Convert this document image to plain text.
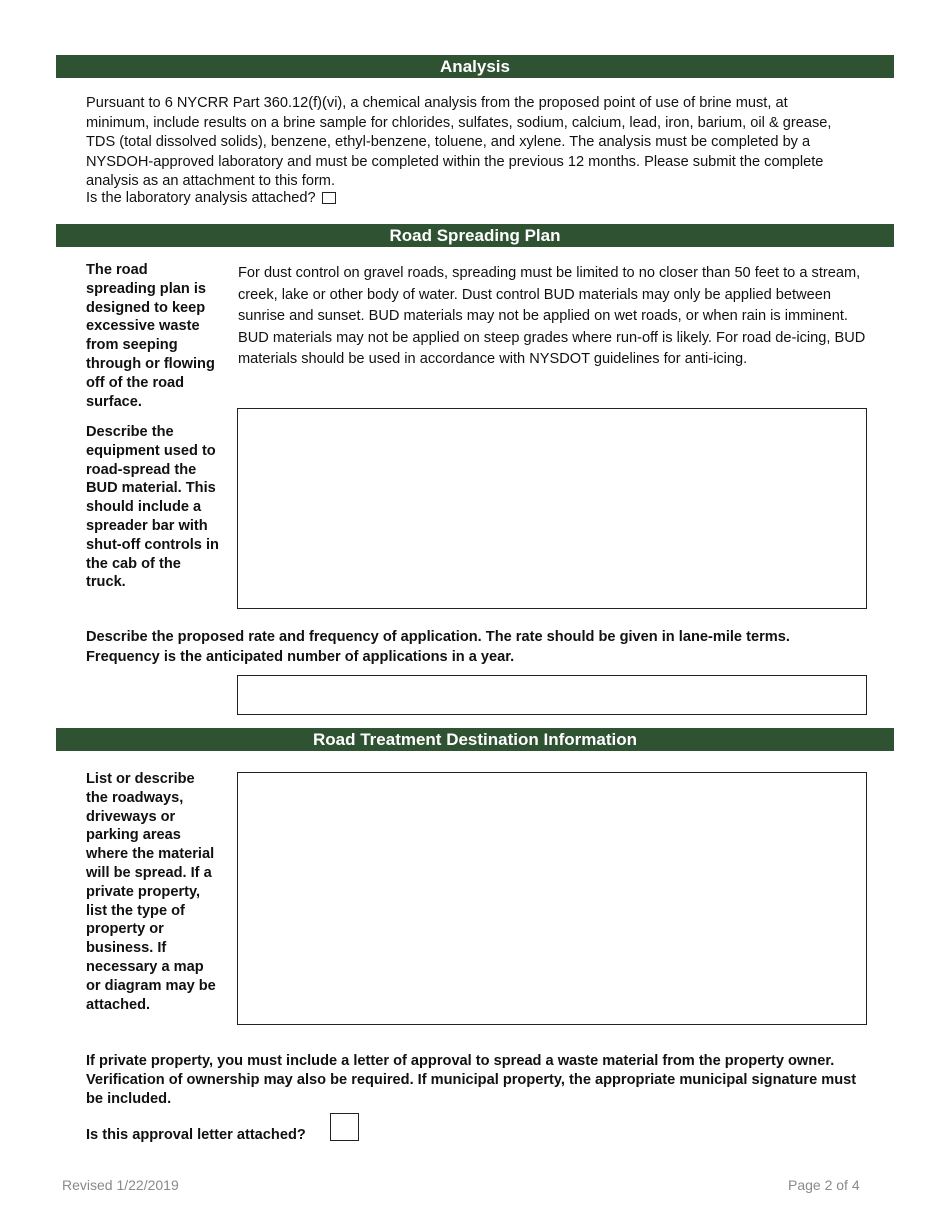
Analysis

Pursuant to 6 NYCRR Part 360.12(f)(vi), a chemical analysis from the proposed point of use of brine must, at minimum, include results on a brine sample for chlorides, sulfates, sodium, calcium, lead, iron, barium, oil & grease, TDS (total dissolved solids), benzene, ethyl-benzene, toluene, and xylene. The analysis must be completed by a NYSDOH-approved laboratory and must be completed within the previous 12 months. Please submit the complete analysis as an attachment to this form.

Is the laboratory analysis attached?
Road Spreading Plan
The road spreading plan is designed to keep excessive waste from seeping through or flowing off of the road surface.

For dust control on gravel roads, spreading must be limited to no closer than 50 feet to a stream, creek, lake or other body of water. Dust control BUD materials may only be applied between sunrise and sunset. BUD materials may not be applied on wet roads, or when rain is imminent. BUD materials may not be applied on steep grades where run-off is likely. For road de-icing, BUD materials should be used in accordance with NYSDOT guidelines for anti-icing.

Describe the equipment used to road-spread the BUD material. This should include a spreader bar with shut-off controls in the cab of the truck.

Describe the proposed rate and frequency of application. The rate should be given in lane-mile terms. Frequency is the anticipated number of applications in a year.

Road Treatment Destination Information
List or describe the roadways, driveways or parking areas where the material will be spread. If a private property, list the type of property or business. If necessary a map or diagram may be attached.

If private property, you must include a letter of approval to spread a waste material from the property owner. Verification of ownership may also be required. If municipal property, the appropriate municipal signature must be included.

Is this approval letter attached?
Revised 1/22/2019	Page 2 of 4
